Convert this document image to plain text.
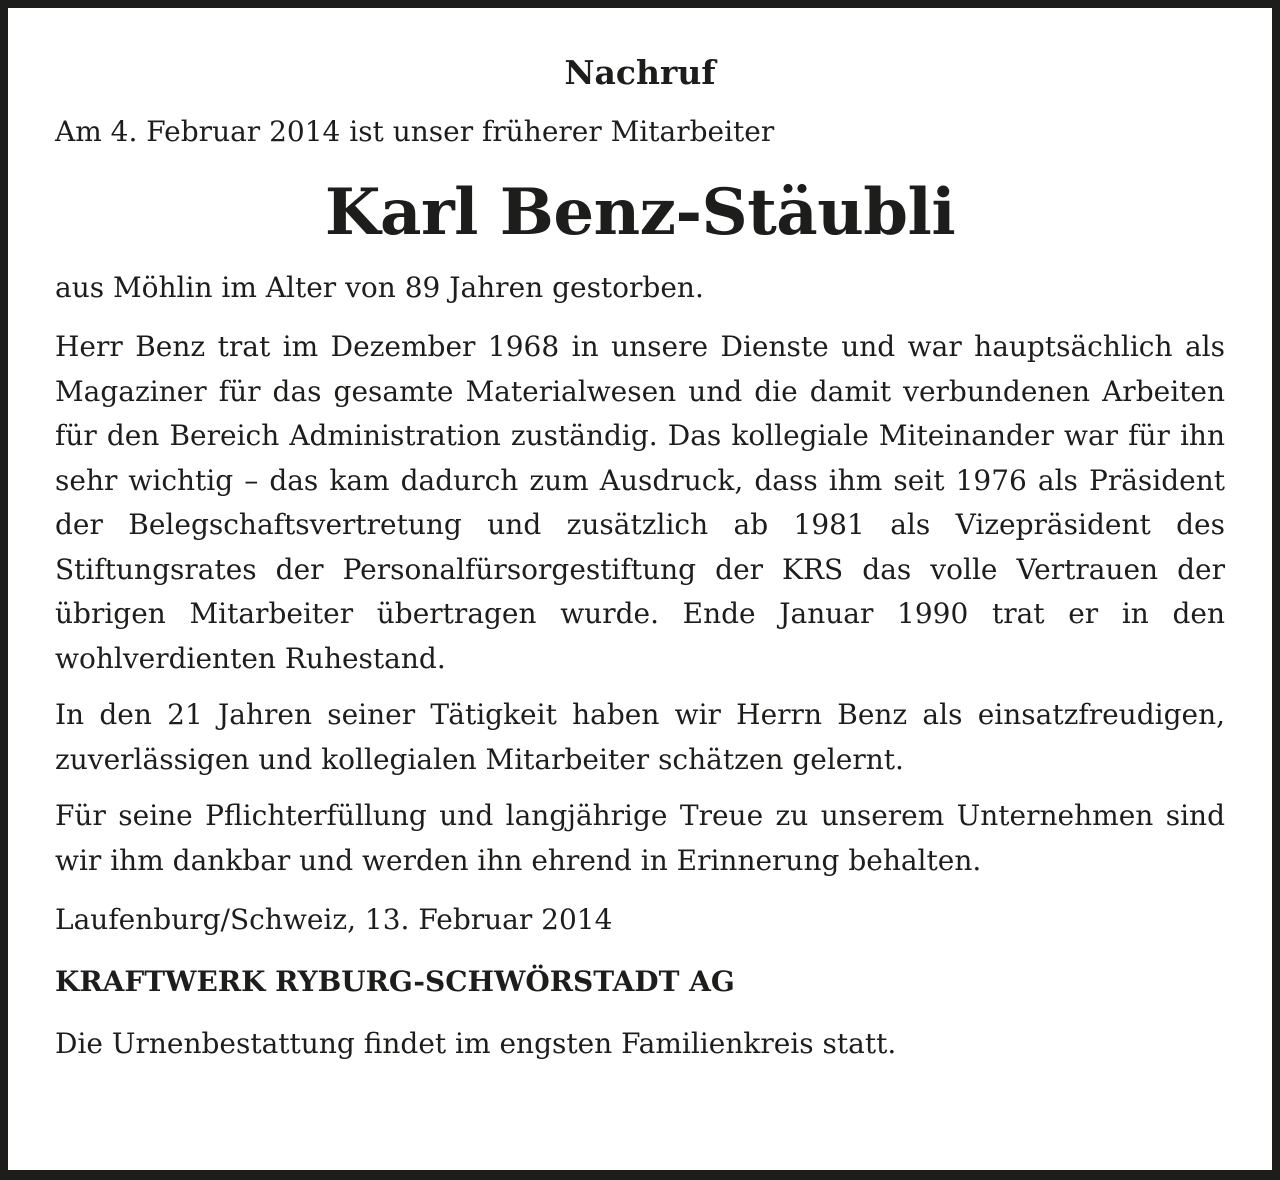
Nachruf

Am 4. Februar 2014 ist unser früherer Mitarbeiter

Karl Benz-Stäubli

aus Möhlin im Alter von 89 Jahren gestorben.

Herr Benz trat im Dezember 1968 in unsere Dienste und war hauptsächlich als Magaziner für das gesamte Materialwesen und die damit verbundenen Arbeiten für den Bereich Administration zuständig. Das kollegiale Miteinander war für ihn sehr wichtig – das kam dadurch zum Ausdruck, dass ihm seit 1976 als Präsident der Belegschaftsvertretung und zusätzlich ab 1981 als Vizepräsident des Stiftungsrates der Personalfürsorgestiftung der KRS das volle Vertrauen der übrigen Mitarbeiter übertragen wurde. Ende Januar 1990 trat er in den wohlverdienten Ruhestand.

In den 21 Jahren seiner Tätigkeit haben wir Herrn Benz als einsatzfreudigen, zuverlässigen und kollegialen Mitarbeiter schätzen gelernt.

Für seine Pflichterfüllung und langjährige Treue zu unserem Unternehmen sind wir ihm dankbar und werden ihn ehrend in Erinnerung behalten.

Laufenburg/Schweiz, 13. Februar 2014

KRAFTWERK RYBURG-SCHWÖRSTADT AG

Die Urnenbestattung findet im engsten Familienkreis statt.
